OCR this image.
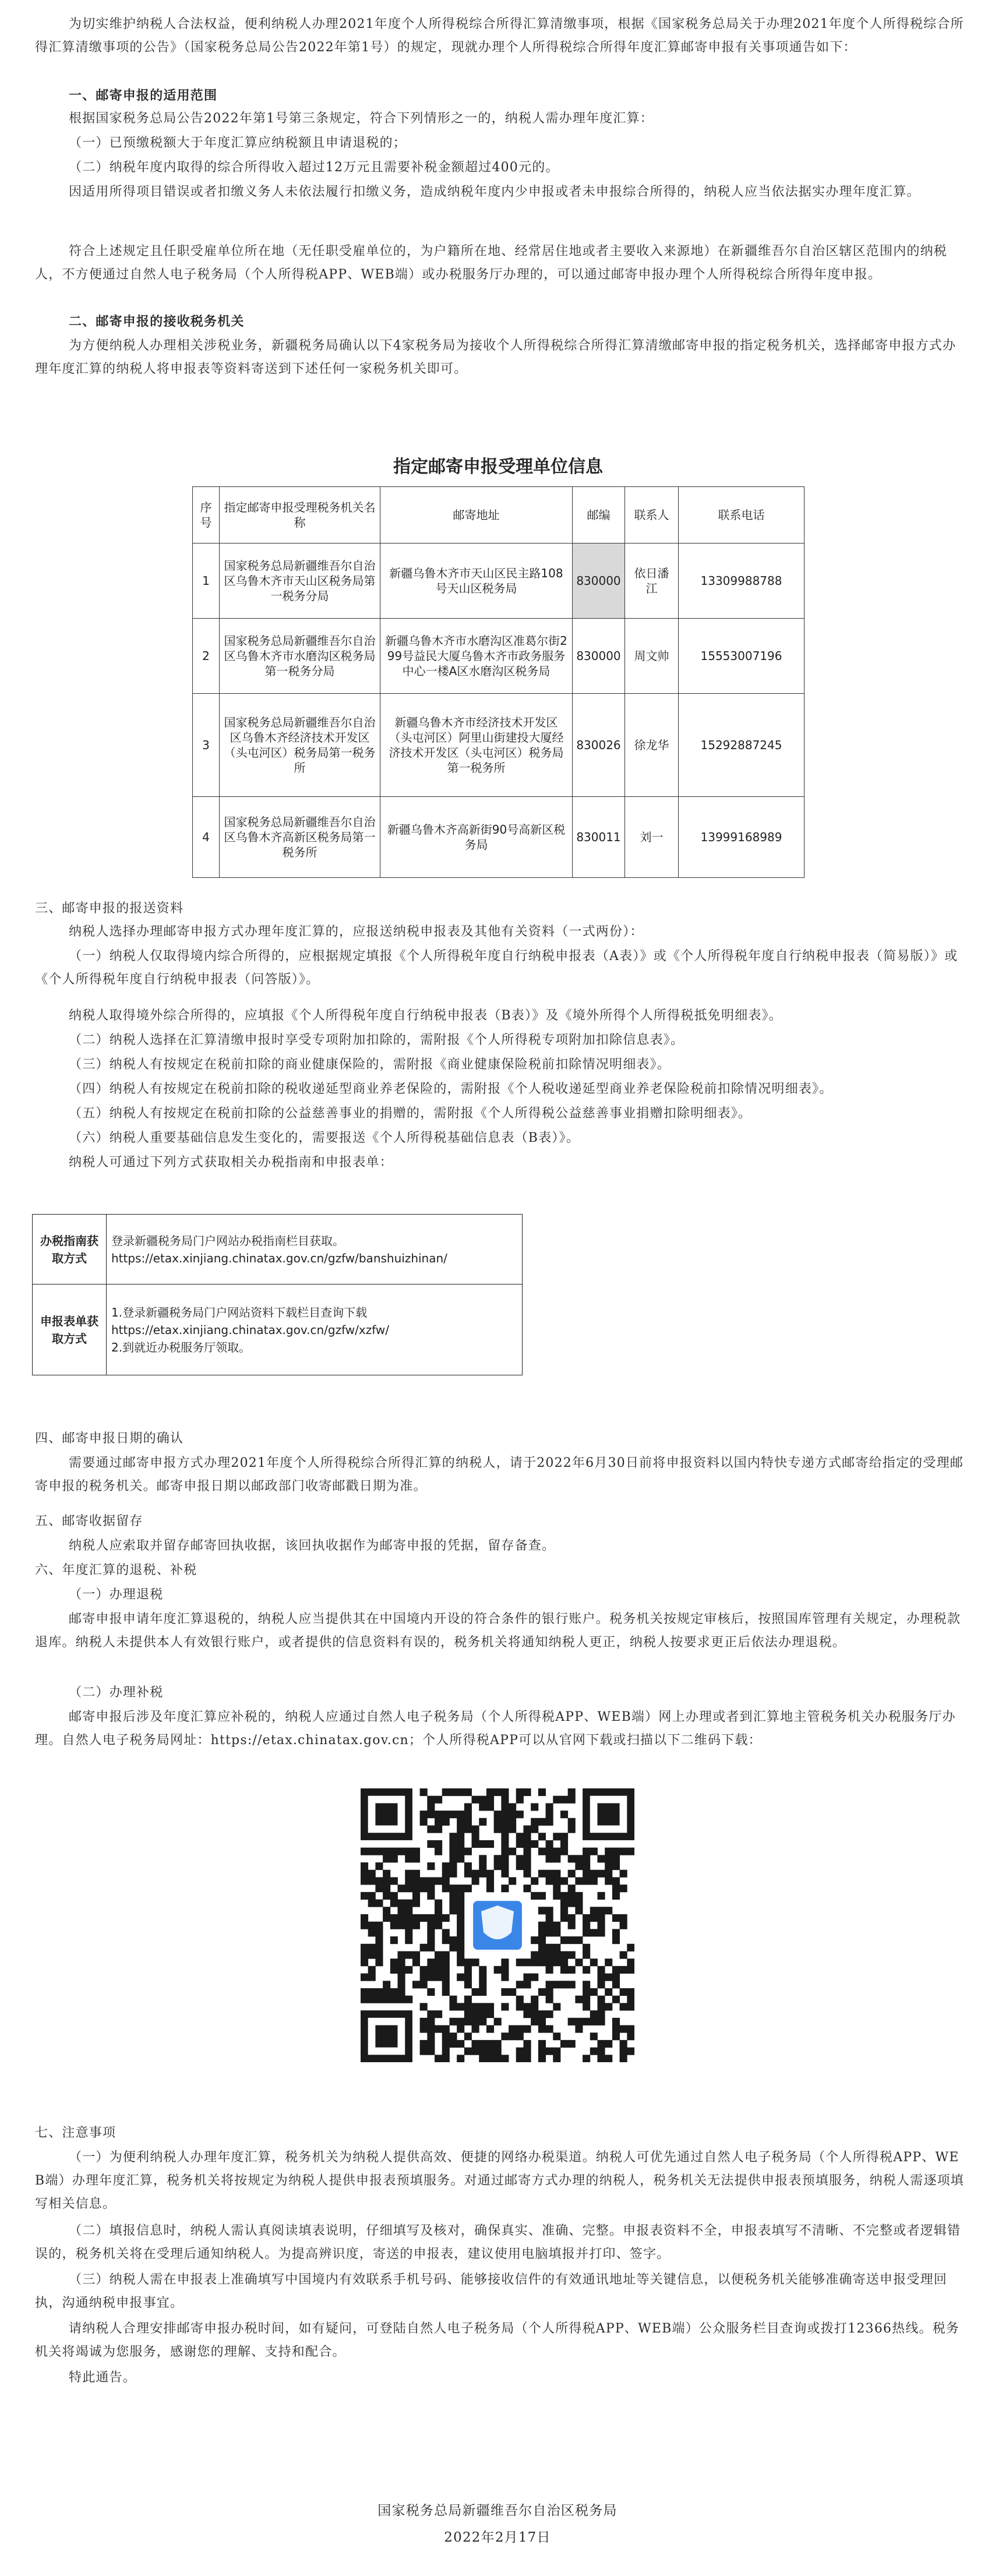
为切实维护纳税人合法权益，便利纳税人办理2021年度个人所得税综合所得汇算清缴事项，根据《国家税务总局关于办理2021年度个人所得税综合所得汇算清缴事项的公告》（国家税务总局公告2022年第1号）的规定，现就办理个人所得税综合所得年度汇算邮寄申报有关事项通告如下：

一、邮寄申报的适用范围

根据国家税务总局公告2022年第1号第三条规定，符合下列情形之一的，纳税人需办理年度汇算：

（一）已预缴税额大于年度汇算应纳税额且申请退税的；

（二）纳税年度内取得的综合所得收入超过12万元且需要补税金额超过400元的。

因适用所得项目错误或者扣缴义务人未依法履行扣缴义务，造成纳税年度内少申报或者未申报综合所得的，纳税人应当依法据实办理年度汇算。

符合上述规定且任职受雇单位所在地（无任职受雇单位的，为户籍所在地、经常居住地或者主要收入来源地）在新疆维吾尔自治区辖区范围内的纳税人，不方便通过自然人电子税务局（个人所得税APP、WEB端）或办税服务厅办理的，可以通过邮寄申报办理个人所得税综合所得年度申报。

二、邮寄申报的接收税务机关

为方便纳税人办理相关涉税业务，新疆税务局确认以下4家税务局为接收个人所得税综合所得汇算清缴邮寄申报的指定税务机关，选择邮寄申报方式办理年度汇算的纳税人将申报表等资料寄送到下述任何一家税务机关即可。

指定邮寄申报受理单位信息

序号	指定邮寄申报受理税务机关名称	邮寄地址	邮编	联系人	联系电话
1	国家税务总局新疆维吾尔自治区乌鲁木齐市天山区税务局第一税务分局	新疆乌鲁木齐市天山区民主路108号天山区税务局	830000	依日潘江	13309988788
2	国家税务总局新疆维吾尔自治区乌鲁木齐市水磨沟区税务局第一税务分局	新疆乌鲁木齐市水磨沟区准葛尔街299号益民大厦乌鲁木齐市政务服务中心一楼A区水磨沟区税务局	830000	周文帅	15553007196
3	国家税务总局新疆维吾尔自治区乌鲁木齐经济技术开发区（头屯河区）税务局第一税务所	新疆乌鲁木齐市经济技术开发区（头屯河区）阿里山街建投大厦经济技术开发区（头屯河区）税务局第一税务所	830026	徐龙华	15292887245
4	国家税务总局新疆维吾尔自治区乌鲁木齐高新区税务局第一税务所	新疆乌鲁木齐高新街90号高新区税务局	830011	刘一	13999168989

三、邮寄申报的报送资料

纳税人选择办理邮寄申报方式办理年度汇算的，应报送纳税申报表及其他有关资料（一式两份）：

（一）纳税人仅取得境内综合所得的，应根据规定填报《个人所得税年度自行纳税申报表（A表）》或《个人所得税年度自行纳税申报表（简易版）》或《个人所得税年度自行纳税申报表（问答版）》。

纳税人取得境外综合所得的，应填报《个人所得税年度自行纳税申报表（B表）》及《境外所得个人所得税抵免明细表》。

（二）纳税人选择在汇算清缴申报时享受专项附加扣除的，需附报《个人所得税专项附加扣除信息表》。

（三）纳税人有按规定在税前扣除的商业健康保险的，需附报《商业健康保险税前扣除情况明细表》。

（四）纳税人有按规定在税前扣除的税收递延型商业养老保险的，需附报《个人税收递延型商业养老保险税前扣除情况明细表》。

（五）纳税人有按规定在税前扣除的公益慈善事业的捐赠的，需附报《个人所得税公益慈善事业捐赠扣除明细表》。

（六）纳税人重要基础信息发生变化的，需要报送《个人所得税基础信息表（B表）》。

纳税人可通过下列方式获取相关办税指南和申报表单：

办税指南获取方式	登录新疆税务局门户网站办税指南栏目获取。
https://etax.xinjiang.chinatax.gov.cn/gzfw/banshuizhinan/

申报表单获取方式	1.登录新疆税务局门户网站资料下载栏目查询下载
https://etax.xinjiang.chinatax.gov.cn/gzfw/xzfw/
2.到就近办税服务厅领取。

四、邮寄申报日期的确认

需要通过邮寄申报方式办理2021年度个人所得税综合所得汇算的纳税人，请于2022年6月30日前将申报资料以国内特快专递方式邮寄给指定的受理邮寄申报的税务机关。邮寄申报日期以邮政部门收寄邮戳日期为准。

五、邮寄收据留存

纳税人应索取并留存邮寄回执收据，该回执收据作为邮寄申报的凭据，留存备查。

六、年度汇算的退税、补税

（一）办理退税

邮寄申报申请年度汇算退税的，纳税人应当提供其在中国境内开设的符合条件的银行账户。税务机关按规定审核后，按照国库管理有关规定，办理税款退库。纳税人未提供本人有效银行账户，或者提供的信息资料有误的，税务机关将通知纳税人更正，纳税人按要求更正后依法办理退税。

（二）办理补税

邮寄申报后涉及年度汇算应补税的，纳税人应通过自然人电子税务局（个人所得税APP、WEB端）网上办理或者到汇算地主管税务机关办税服务厅办理。自然人电子税务局网址：https://etax.chinatax.gov.cn；个人所得税APP可以从官网下载或扫描以下二维码下载：

七、注意事项

（一）为便利纳税人办理年度汇算，税务机关为纳税人提供高效、便捷的网络办税渠道。纳税人可优先通过自然人电子税务局（个人所得税APP、WEB端）办理年度汇算，税务机关将按规定为纳税人提供申报表预填服务。对通过邮寄方式办理的纳税人，税务机关无法提供申报表预填服务，纳税人需逐项填写相关信息。

（二）填报信息时，纳税人需认真阅读填表说明，仔细填写及核对，确保真实、准确、完整。申报表资料不全，申报表填写不清晰、不完整或者逻辑错误的，税务机关将在受理后通知纳税人。为提高辨识度，寄送的申报表，建议使用电脑填报并打印、签字。

（三）纳税人需在申报表上准确填写中国境内有效联系手机号码、能够接收信件的有效通讯地址等关键信息，以便税务机关能够准确寄送申报受理回执，沟通纳税申报事宜。

请纳税人合理安排邮寄申报办税时间，如有疑问，可登陆自然人电子税务局（个人所得税APP、WEB端）公众服务栏目查询或拨打12366热线。税务机关将竭诚为您服务，感谢您的理解、支持和配合。

特此通告。

国家税务总局新疆维吾尔自治区税务局

2022年2月17日
